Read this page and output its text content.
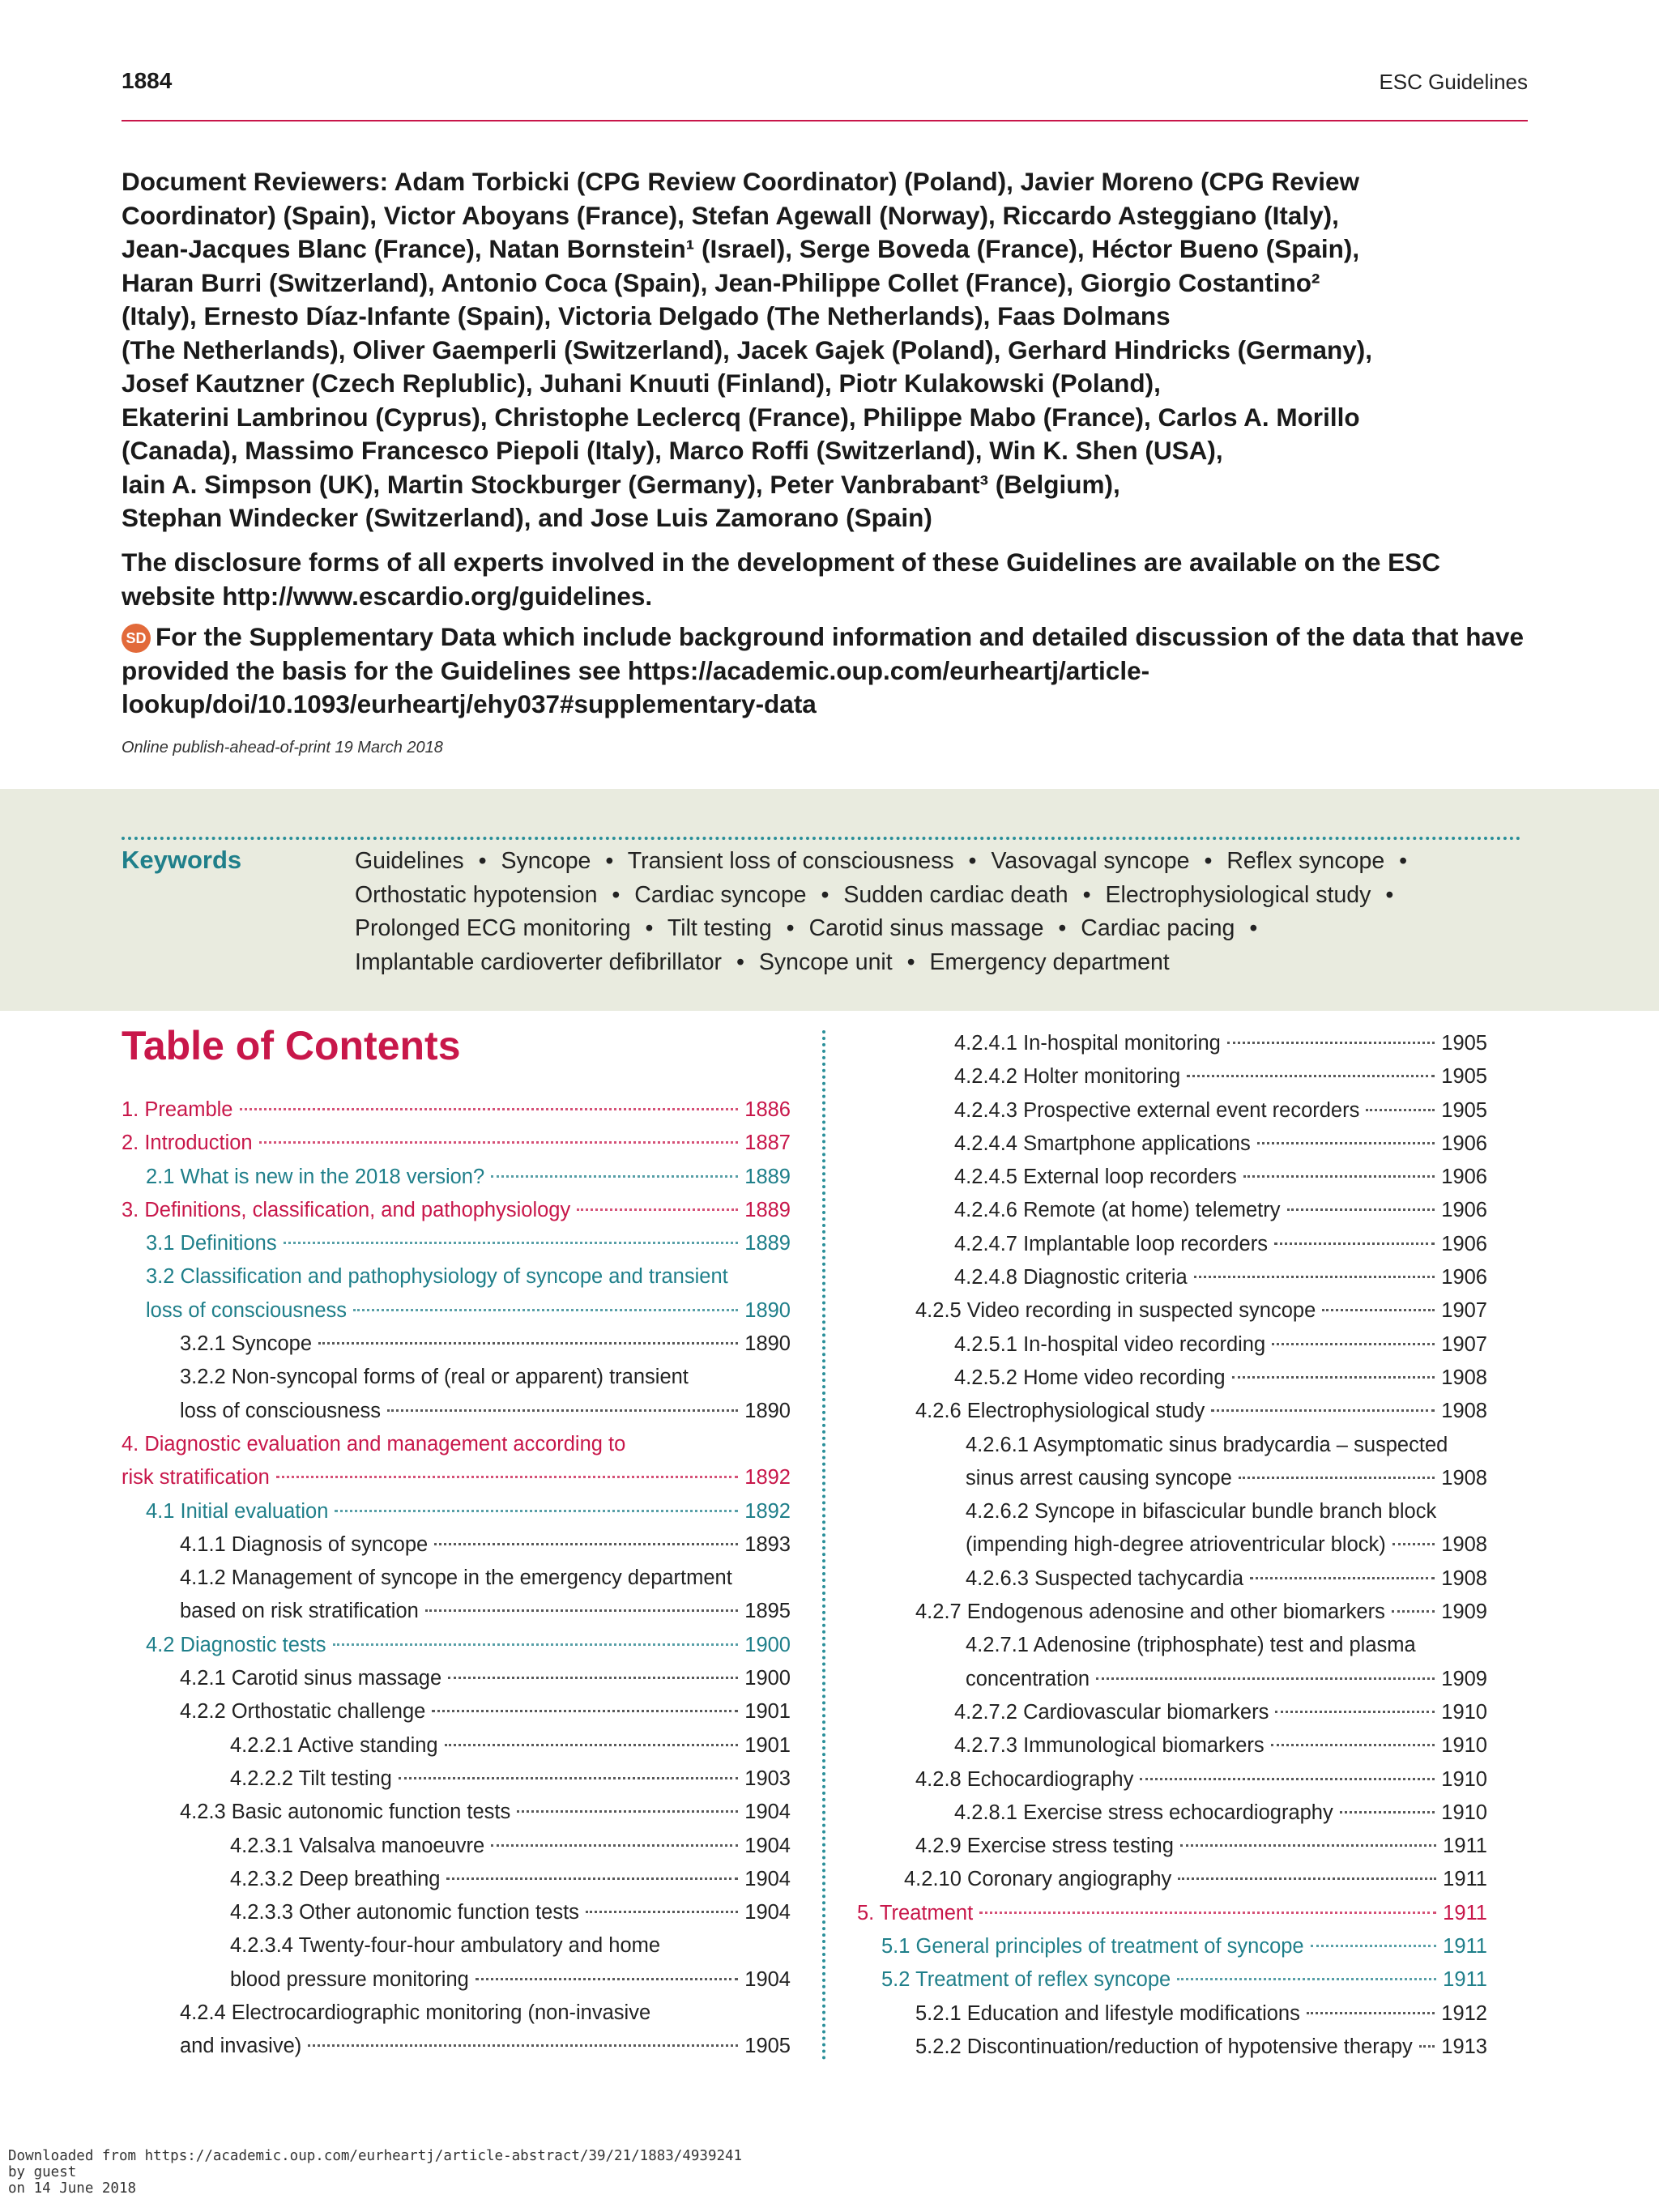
1884	ESC Guidelines

Document Reviewers: Adam Torbicki (CPG Review Coordinator) (Poland), Javier Moreno (CPG Review

Coordinator) (Spain), Victor Aboyans (France), Stefan Agewall (Norway), Riccardo Asteggiano (Italy),

Jean-Jacques Blanc (France), Natan Bornstein¹ (Israel), Serge Boveda (France), Héctor Bueno (Spain),

Haran Burri (Switzerland), Antonio Coca (Spain), Jean-Philippe Collet (France), Giorgio Costantino²

(Italy), Ernesto Díaz-Infante (Spain), Victoria Delgado (The Netherlands), Faas Dolmans

(The Netherlands), Oliver Gaemperli (Switzerland), Jacek Gajek (Poland), Gerhard Hindricks (Germany),

Josef Kautzner (Czech Replublic), Juhani Knuuti (Finland), Piotr Kulakowski (Poland),

Ekaterini Lambrinou (Cyprus), Christophe Leclercq (France), Philippe Mabo (France), Carlos A. Morillo

(Canada), Massimo Francesco Piepoli (Italy), Marco Roffi (Switzerland), Win K. Shen (USA),

Iain A. Simpson (UK), Martin Stockburger (Germany), Peter Vanbrabant³ (Belgium),

Stephan Windecker (Switzerland), and Jose Luis Zamorano (Spain)

The disclosure forms of all experts involved in the development of these Guidelines are available on the ESC website http://www.escardio.org/guidelines.

SD For the Supplementary Data which include background information and detailed discussion of the data that have provided the basis for the Guidelines see https://academic.oup.com/eurheartj/article-lookup/doi/10.1093/eurheartj/ehy037#supplementary-data

Online publish-ahead-of-print 19 March 2018
Keywords	Guidelines • Syncope • Transient loss of consciousness • Vasovagal syncope • Reflex syncope • Orthostatic hypotension • Cardiac syncope • Sudden cardiac death • Electrophysiological study • Prolonged ECG monitoring • Tilt testing • Carotid sinus massage • Cardiac pacing • Implantable cardioverter defibrillator • Syncope unit • Emergency department
Table of Contents
1. Preamble	1886
2. Introduction	1887
2.1 What is new in the 2018 version?	1889
3. Definitions, classification, and pathophysiology	1889
3.1 Definitions	1889
3.2 Classification and pathophysiology of syncope and transient
loss of consciousness	1890
3.2.1 Syncope	1890
3.2.2 Non-syncopal forms of (real or apparent) transient
loss of consciousness	1890
4. Diagnostic evaluation and management according to
risk stratification	1892
4.1 Initial evaluation	1892
4.1.1 Diagnosis of syncope	1893
4.1.2 Management of syncope in the emergency department
based on risk stratification	1895
4.2 Diagnostic tests	1900
4.2.1 Carotid sinus massage	1900
4.2.2 Orthostatic challenge	1901
4.2.2.1 Active standing	1901
4.2.2.2 Tilt testing	1903
4.2.3 Basic autonomic function tests	1904
4.2.3.1 Valsalva manoeuvre	1904
4.2.3.2 Deep breathing	1904
4.2.3.3 Other autonomic function tests	1904
4.2.3.4 Twenty-four-hour ambulatory and home
blood pressure monitoring	1904
4.2.4 Electrocardiographic monitoring (non-invasive
and invasive)	1905
4.2.4.1 In-hospital monitoring	1905
4.2.4.2 Holter monitoring	1905
4.2.4.3 Prospective external event recorders	1905
4.2.4.4 Smartphone applications	1906
4.2.4.5 External loop recorders	1906
4.2.4.6 Remote (at home) telemetry	1906
4.2.4.7 Implantable loop recorders	1906
4.2.4.8 Diagnostic criteria	1906
4.2.5 Video recording in suspected syncope	1907
4.2.5.1 In-hospital video recording	1907
4.2.5.2 Home video recording	1908
4.2.6 Electrophysiological study	1908
4.2.6.1 Asymptomatic sinus bradycardia – suspected
sinus arrest causing syncope	1908
4.2.6.2 Syncope in bifascicular bundle branch block
(impending high-degree atrioventricular block)	1908
4.2.6.3 Suspected tachycardia	1908
4.2.7 Endogenous adenosine and other biomarkers	1909
4.2.7.1 Adenosine (triphosphate) test and plasma
concentration	1909
4.2.7.2 Cardiovascular biomarkers	1910
4.2.7.3 Immunological biomarkers	1910
4.2.8 Echocardiography	1910
4.2.8.1 Exercise stress echocardiography	1910
4.2.9 Exercise stress testing	1911
4.2.10 Coronary angiography	1911
5. Treatment	1911
5.1 General principles of treatment of syncope	1911
5.2 Treatment of reflex syncope	1911
5.2.1 Education and lifestyle modifications	1912
5.2.2 Discontinuation/reduction of hypotensive therapy 1913
Downloaded from https://academic.oup.com/eurheartj/article-abstract/39/21/1883/4939241
by guest
on 14 June 2018
